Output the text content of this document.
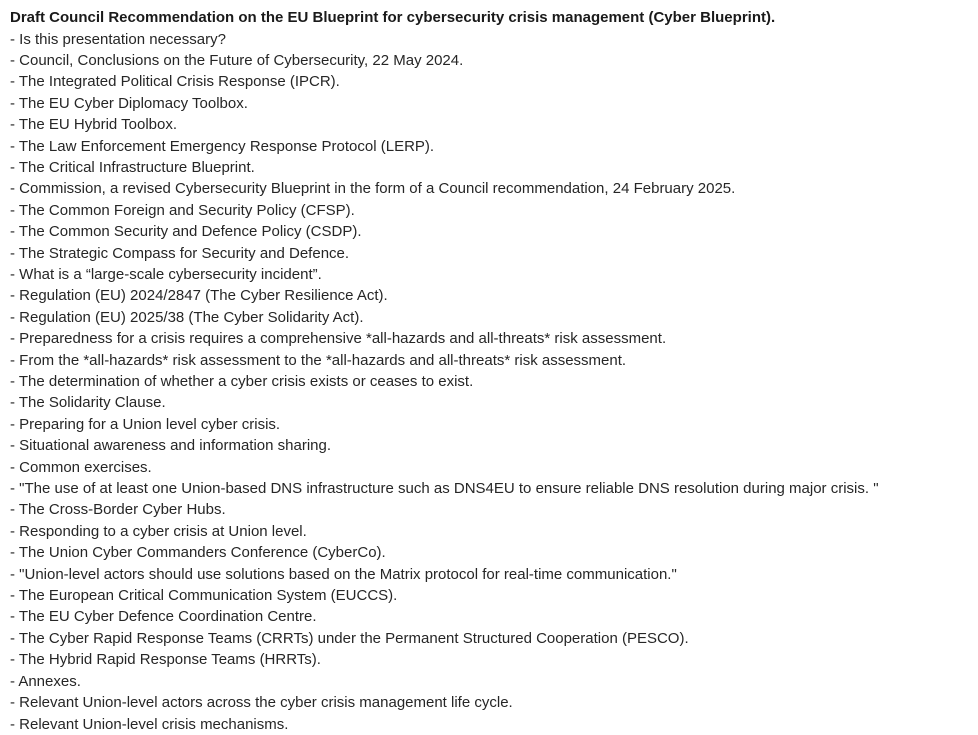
Draft Council Recommendation on the EU Blueprint for cybersecurity crisis management (Cyber Blueprint).
- Is this presentation necessary?
- Council, Conclusions on the Future of Cybersecurity, 22 May 2024.
- The Integrated Political Crisis Response (IPCR).
- The EU Cyber Diplomacy Toolbox.
- The EU Hybrid Toolbox.
- The Law Enforcement Emergency Response Protocol (LERP).
- The Critical Infrastructure Blueprint.
- Commission, a revised Cybersecurity Blueprint in the form of a Council recommendation, 24 February 2025.
- The Common Foreign and Security Policy (CFSP).
- The Common Security and Defence Policy (CSDP).
- The Strategic Compass for Security and Defence.
- What is a “large-scale cybersecurity incident”.
- Regulation (EU) 2024/2847 (The Cyber Resilience Act).
- Regulation (EU) 2025/38 (The Cyber Solidarity Act).
- Preparedness for a crisis requires a comprehensive *all-hazards and all-threats* risk assessment.
- From the *all-hazards* risk assessment to the *all-hazards and all-threats* risk assessment.
- The determination of whether a cyber crisis exists or ceases to exist.
- The Solidarity Clause.
- Preparing for a Union level cyber crisis.
- Situational awareness and information sharing.
- Common exercises.
- "The use of at least one Union-based DNS infrastructure such as DNS4EU to ensure reliable DNS resolution during major crisis. "
- The Cross-Border Cyber Hubs.
- Responding to a cyber crisis at Union level.
- The Union Cyber Commanders Conference (CyberCo).
- "Union-level actors should use solutions based on the Matrix protocol for real-time communication."
- The European Critical Communication System (EUCCS).
- The EU Cyber Defence Coordination Centre.
- The Cyber Rapid Response Teams (CRRTs) under the Permanent Structured Cooperation (PESCO).
- The Hybrid Rapid Response Teams (HRRTs).
- Annexes.
- Relevant Union-level actors across the cyber crisis management life cycle.
- Relevant Union-level crisis mechanisms.
